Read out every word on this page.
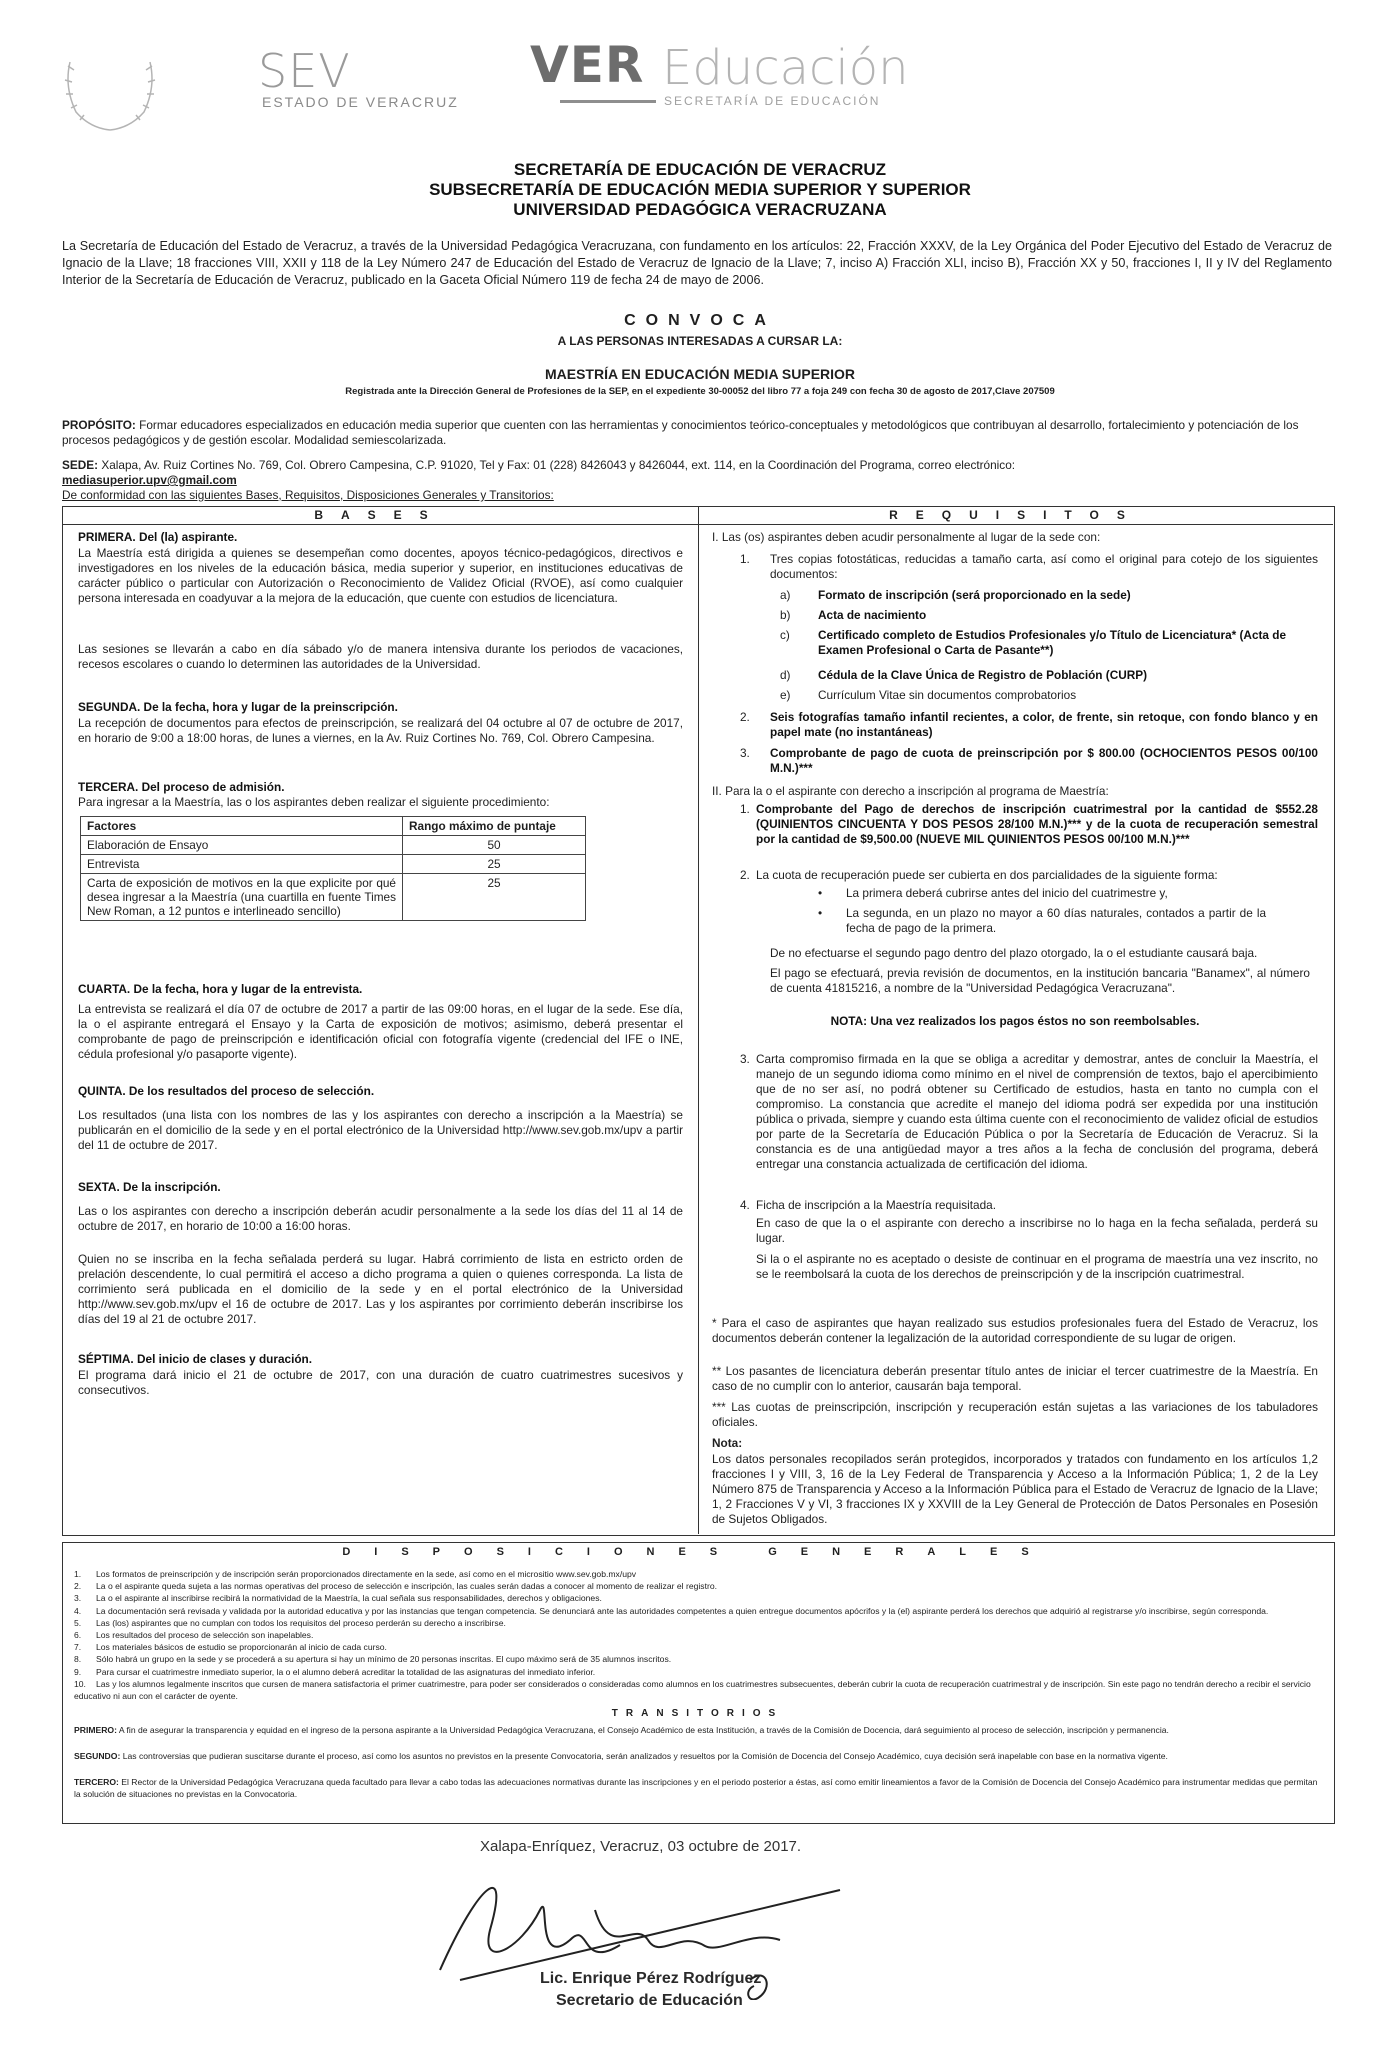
SEV
ESTADO DE VERACRUZ
VER Educación
SECRETARÍA DE EDUCACIÓN
SECRETARÍA DE EDUCACIÓN DE VERACRUZ
SUBSECRETARÍA DE EDUCACIÓN MEDIA SUPERIOR Y SUPERIOR
UNIVERSIDAD PEDAGÓGICA VERACRUZANA
La Secretaría de Educación del Estado de Veracruz, a través de la Universidad Pedagógica Veracruzana, con fundamento en los artículos: 22, Fracción XXXV, de la Ley Orgánica del Poder Ejecutivo del Estado de Veracruz de Ignacio de la Llave; 18 fracciones VIII, XXII y 118 de la Ley Número 247 de Educación del Estado de Veracruz de Ignacio de la Llave; 7, inciso A) Fracción XLI, inciso B), Fracción XX y 50, fracciones I, II y IV del Reglamento Interior de la Secretaría de Educación de Veracruz, publicado en la Gaceta Oficial Número 119 de fecha 24 de mayo de 2006.
CONVOCA
A LAS PERSONAS INTERESADAS A CURSAR LA:
MAESTRÍA EN EDUCACIÓN MEDIA SUPERIOR
Registrada ante la Dirección General de Profesiones de la SEP, en el expediente 30-00052 del libro 77 a foja 249 con fecha 30 de agosto de 2017,Clave 207509
PROPÓSITO: Formar educadores especializados en educación media superior que cuenten con las herramientas y conocimientos teórico-conceptuales y metodológicos que contribuyan al desarrollo, fortalecimiento y potenciación de los procesos pedagógicos y de gestión escolar. Modalidad semiescolarizada.
SEDE: Xalapa, Av. Ruiz Cortines No. 769, Col. Obrero Campesina, C.P. 91020, Tel y Fax: 01 (228) 8426043 y 8426044, ext. 114, en la Coordinación del Programa, correo electrónico:
mediasuperior.upv@gmail.com
De conformidad con las siguientes Bases, Requisitos, Disposiciones Generales y Transitorios:
BASES	REQUISITOS
PRIMERA. Del (la) aspirante.
La Maestría está dirigida a quienes se desempeñan como docentes, apoyos técnico-pedagógicos, directivos e investigadores en los niveles de la educación básica, media superior y superior, en instituciones educativas de carácter público o particular con Autorización o Reconocimiento de Validez Oficial (RVOE), así como cualquier persona interesada en coadyuvar a la mejora de la educación, que cuente con estudios de licenciatura.
Las sesiones se llevarán a cabo en día sábado y/o de manera intensiva durante los periodos de vacaciones, recesos escolares o cuando lo determinen las autoridades de la Universidad.
SEGUNDA. De la fecha, hora y lugar de la preinscripción.
La recepción de documentos para efectos de preinscripción, se realizará del 04 octubre al 07 de octubre de 2017, en horario de 9:00 a 18:00 horas, de lunes a viernes, en la Av. Ruiz Cortines No. 769, Col. Obrero Campesina.
TERCERA. Del proceso de admisión.
Para ingresar a la Maestría, las o los aspirantes deben realizar el siguiente procedimiento:
Factores	Rango máximo de puntaje
Elaboración de Ensayo	50
Entrevista	25
Carta de exposición de motivos en la que explicite por qué desea ingresar a la Maestría (una cuartilla en fuente Times New Roman, a 12 puntos e interlineado sencillo)	25
CUARTA. De la fecha, hora y lugar de la entrevista.
La entrevista se realizará el día 07 de octubre de 2017 a partir de las 09:00 horas, en el lugar de la sede. Ese día, la o el aspirante entregará el Ensayo y la Carta de exposición de motivos; asimismo, deberá presentar el comprobante de pago de preinscripción e identificación oficial con fotografía vigente (credencial del IFE o INE, cédula profesional y/o pasaporte vigente).
QUINTA. De los resultados del proceso de selección.
Los resultados (una lista con los nombres de las y los aspirantes con derecho a inscripción a la Maestría) se publicarán en el domicilio de la sede y en el portal electrónico de la Universidad http://www.sev.gob.mx/upv a partir del 11 de octubre de 2017.
SEXTA. De la inscripción.
Las o los aspirantes con derecho a inscripción deberán acudir personalmente a la sede los días del 11 al 14 de octubre de 2017, en horario de 10:00 a 16:00 horas.
Quien no se inscriba en la fecha señalada perderá su lugar. Habrá corrimiento de lista en estricto orden de prelación descendente, lo cual permitirá el acceso a dicho programa a quien o quienes corresponda. La lista de corrimiento será publicada en el domicilio de la sede y en el portal electrónico de la Universidad http://www.sev.gob.mx/upv el 16 de octubre de 2017. Las y los aspirantes por corrimiento deberán inscribirse los días del 19 al 21 de octubre 2017.
SÉPTIMA. Del inicio de clases y duración.
El programa dará inicio el 21 de octubre de 2017, con una duración de cuatro cuatrimestres sucesivos y consecutivos.
I. Las (os) aspirantes deben acudir personalmente al lugar de la sede con:
1. Tres copias fotostáticas, reducidas a tamaño carta, así como el original para cotejo de los siguientes documentos:
a) Formato de inscripción (será proporcionado en la sede)
b) Acta de nacimiento
c) Certificado completo de Estudios Profesionales y/o Título de Licenciatura* (Acta de Examen Profesional o Carta de Pasante**)
d) Cédula de la Clave Única de Registro de Población (CURP)
e) Currículum Vitae sin documentos comprobatorios
2. Seis fotografías tamaño infantil recientes, a color, de frente, sin retoque, con fondo blanco y en papel mate (no instantáneas)
3. Comprobante de pago de cuota de preinscripción por $ 800.00 (OCHOCIENTOS PESOS 00/100 M.N.)***
II. Para la o el aspirante con derecho a inscripción al programa de Maestría:
1. Comprobante del Pago de derechos de inscripción cuatrimestral por la cantidad de $552.28 (QUINIENTOS CINCUENTA Y DOS PESOS 28/100 M.N.)*** y de la cuota de recuperación semestral por la cantidad de $9,500.00 (NUEVE MIL QUINIENTOS PESOS 00/100 M.N.)***
2. La cuota de recuperación puede ser cubierta en dos parcialidades de la siguiente forma:
• La primera deberá cubrirse antes del inicio del cuatrimestre y,
• La segunda, en un plazo no mayor a 60 días naturales, contados a partir de la fecha de pago de la primera.
De no efectuarse el segundo pago dentro del plazo otorgado, la o el estudiante causará baja.
El pago se efectuará, previa revisión de documentos, en la institución bancaria "Banamex", al número de cuenta 41815216, a nombre de la "Universidad Pedagógica Veracruzana".
NOTA: Una vez realizados los pagos éstos no son reembolsables.
3. Carta compromiso firmada en la que se obliga a acreditar y demostrar, antes de concluir la Maestría, el manejo de un segundo idioma como mínimo en el nivel de comprensión de textos, bajo el apercibimiento que de no ser así, no podrá obtener su Certificado de estudios, hasta en tanto no cumpla con el compromiso. La constancia que acredite el manejo del idioma podrá ser expedida por una institución pública o privada, siempre y cuando esta última cuente con el reconocimiento de validez oficial de estudios por parte de la Secretaría de Educación Pública o por la Secretaría de Educación de Veracruz. Si la constancia es de una antigüedad mayor a tres años a la fecha de conclusión del programa, deberá entregar una constancia actualizada de certificación del idioma.
4. Ficha de inscripción a la Maestría requisitada.
En caso de que la o el aspirante con derecho a inscribirse no lo haga en la fecha señalada, perderá su lugar.
Si la o el aspirante no es aceptado o desiste de continuar en el programa de maestría una vez inscrito, no se le reembolsará la cuota de los derechos de preinscripción y de la inscripción cuatrimestral.
* Para el caso de aspirantes que hayan realizado sus estudios profesionales fuera del Estado de Veracruz, los documentos deberán contener la legalización de la autoridad correspondiente de su lugar de origen.
** Los pasantes de licenciatura deberán presentar título antes de iniciar el tercer cuatrimestre de la Maestría. En caso de no cumplir con lo anterior, causarán baja temporal.
*** Las cuotas de preinscripción, inscripción y recuperación están sujetas a las variaciones de los tabuladores oficiales.
Nota:
Los datos personales recopilados serán protegidos, incorporados y tratados con fundamento en los artículos 1,2 fracciones I y VIII, 3, 16 de la Ley Federal de Transparencia y Acceso a la Información Pública; 1, 2 de la Ley Número 875 de Transparencia y Acceso a la Información Pública para el Estado de Veracruz de Ignacio de la Llave; 1, 2 Fracciones V y VI, 3 fracciones IX y XXVIII de la Ley General de Protección de Datos Personales en Posesión de Sujetos Obligados.
DISPOSICIONES GENERALES
1. Los formatos de preinscripción y de inscripción serán proporcionados directamente en la sede, así como en el micrositio www.sev.gob.mx/upv
2. La o el aspirante queda sujeta a las normas operativas del proceso de selección e inscripción, las cuales serán dadas a conocer al momento de realizar el registro.
3. La o el aspirante al inscribirse recibirá la normatividad de la Maestría, la cual señala sus responsabilidades, derechos y obligaciones.
4. La documentación será revisada y validada por la autoridad educativa y por las instancias que tengan competencia. Se denunciará ante las autoridades competentes a quien entregue documentos apócrifos y la (el) aspirante perderá los derechos que adquirió al registrarse y/o inscribirse, según corresponda.
5. Las (los) aspirantes que no cumplan con todos los requisitos del proceso perderán su derecho a inscribirse.
6. Los resultados del proceso de selección son inapelables.
7. Los materiales básicos de estudio se proporcionarán al inicio de cada curso.
8. Sólo habrá un grupo en la sede y se procederá a su apertura si hay un mínimo de 20 personas inscritas. El cupo máximo será de 35 alumnos inscritos.
9. Para cursar el cuatrimestre inmediato superior, la o el alumno deberá acreditar la totalidad de las asignaturas del inmediato inferior.
10. Las y los alumnos legalmente inscritos que cursen de manera satisfactoria el primer cuatrimestre, para poder ser considerados o consideradas como alumnos en los cuatrimestres subsecuentes, deberán cubrir la cuota de recuperación cuatrimestral y de inscripción. Sin este pago no tendrán derecho a recibir el servicio educativo ni aun con el carácter de oyente.
TRANSITORIOS
PRIMERO: A fin de asegurar la transparencia y equidad en el ingreso de la persona aspirante a la Universidad Pedagógica Veracruzana, el Consejo Académico de esta Institución, a través de la Comisión de Docencia, dará seguimiento al proceso de selección, inscripción y permanencia.
SEGUNDO: Las controversias que pudieran suscitarse durante el proceso, así como los asuntos no previstos en la presente Convocatoria, serán analizados y resueltos por la Comisión de Docencia del Consejo Académico, cuya decisión será inapelable con base en la normativa vigente.
TERCERO: El Rector de la Universidad Pedagógica Veracruzana queda facultado para llevar a cabo todas las adecuaciones normativas durante las inscripciones y en el periodo posterior a éstas, así como emitir lineamientos a favor de la Comisión de Docencia del Consejo Académico para instrumentar medidas que permitan la solución de situaciones no previstas en la Convocatoria.
Xalapa-Enríquez, Veracruz, 03 octubre de 2017.
Lic. Enrique Pérez Rodríguez
Secretario de Educación
